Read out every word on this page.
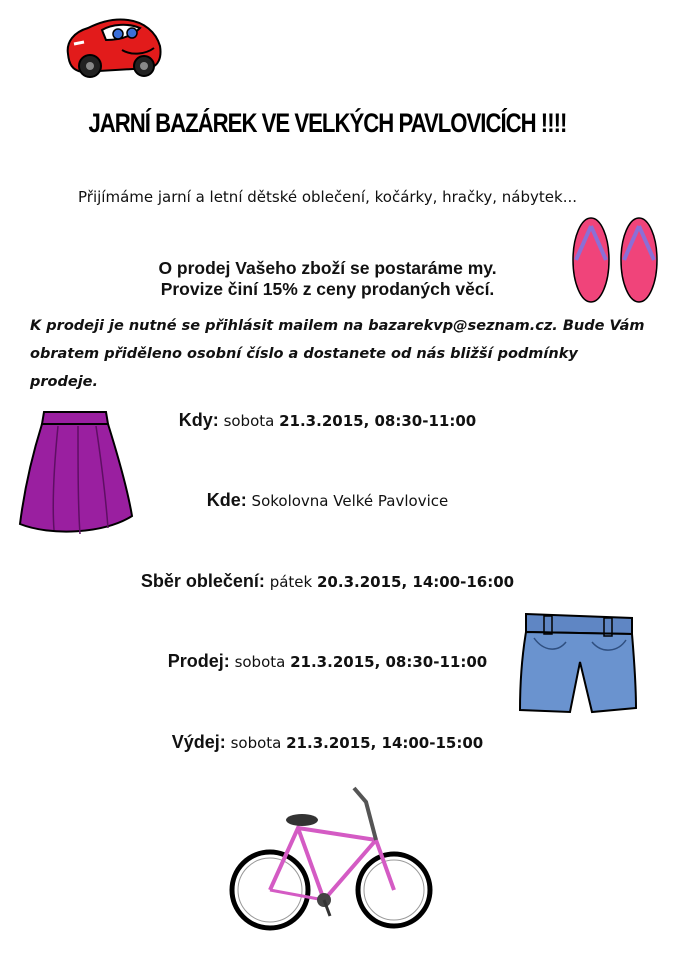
JARNÍ BAZÁREK VE VELKÝCH PAVLOVICÍCH !!!!
Přijímáme jarní a letní dětské oblečení, kočárky, hračky, nábytek...
O prodej Vašeho zboží se postaráme my.
Provize činí 15% z ceny prodaných věcí.
K prodeji je nutné se přihlásit mailem na bazarekvp@seznam.cz. Bude Vám
obratem přiděleno osobní číslo a dostanete od nás bližší podmínky prodeje.
Kdy: sobota 21.3.2015, 08:30-11:00
Kde: Sokolovna Velké Pavlovice
Sběr oblečení: pátek 20.3.2015, 14:00-16:00
Prodej: sobota 21.3.2015, 08:30-11:00
Výdej: sobota 21.3.2015, 14:00-15:00
